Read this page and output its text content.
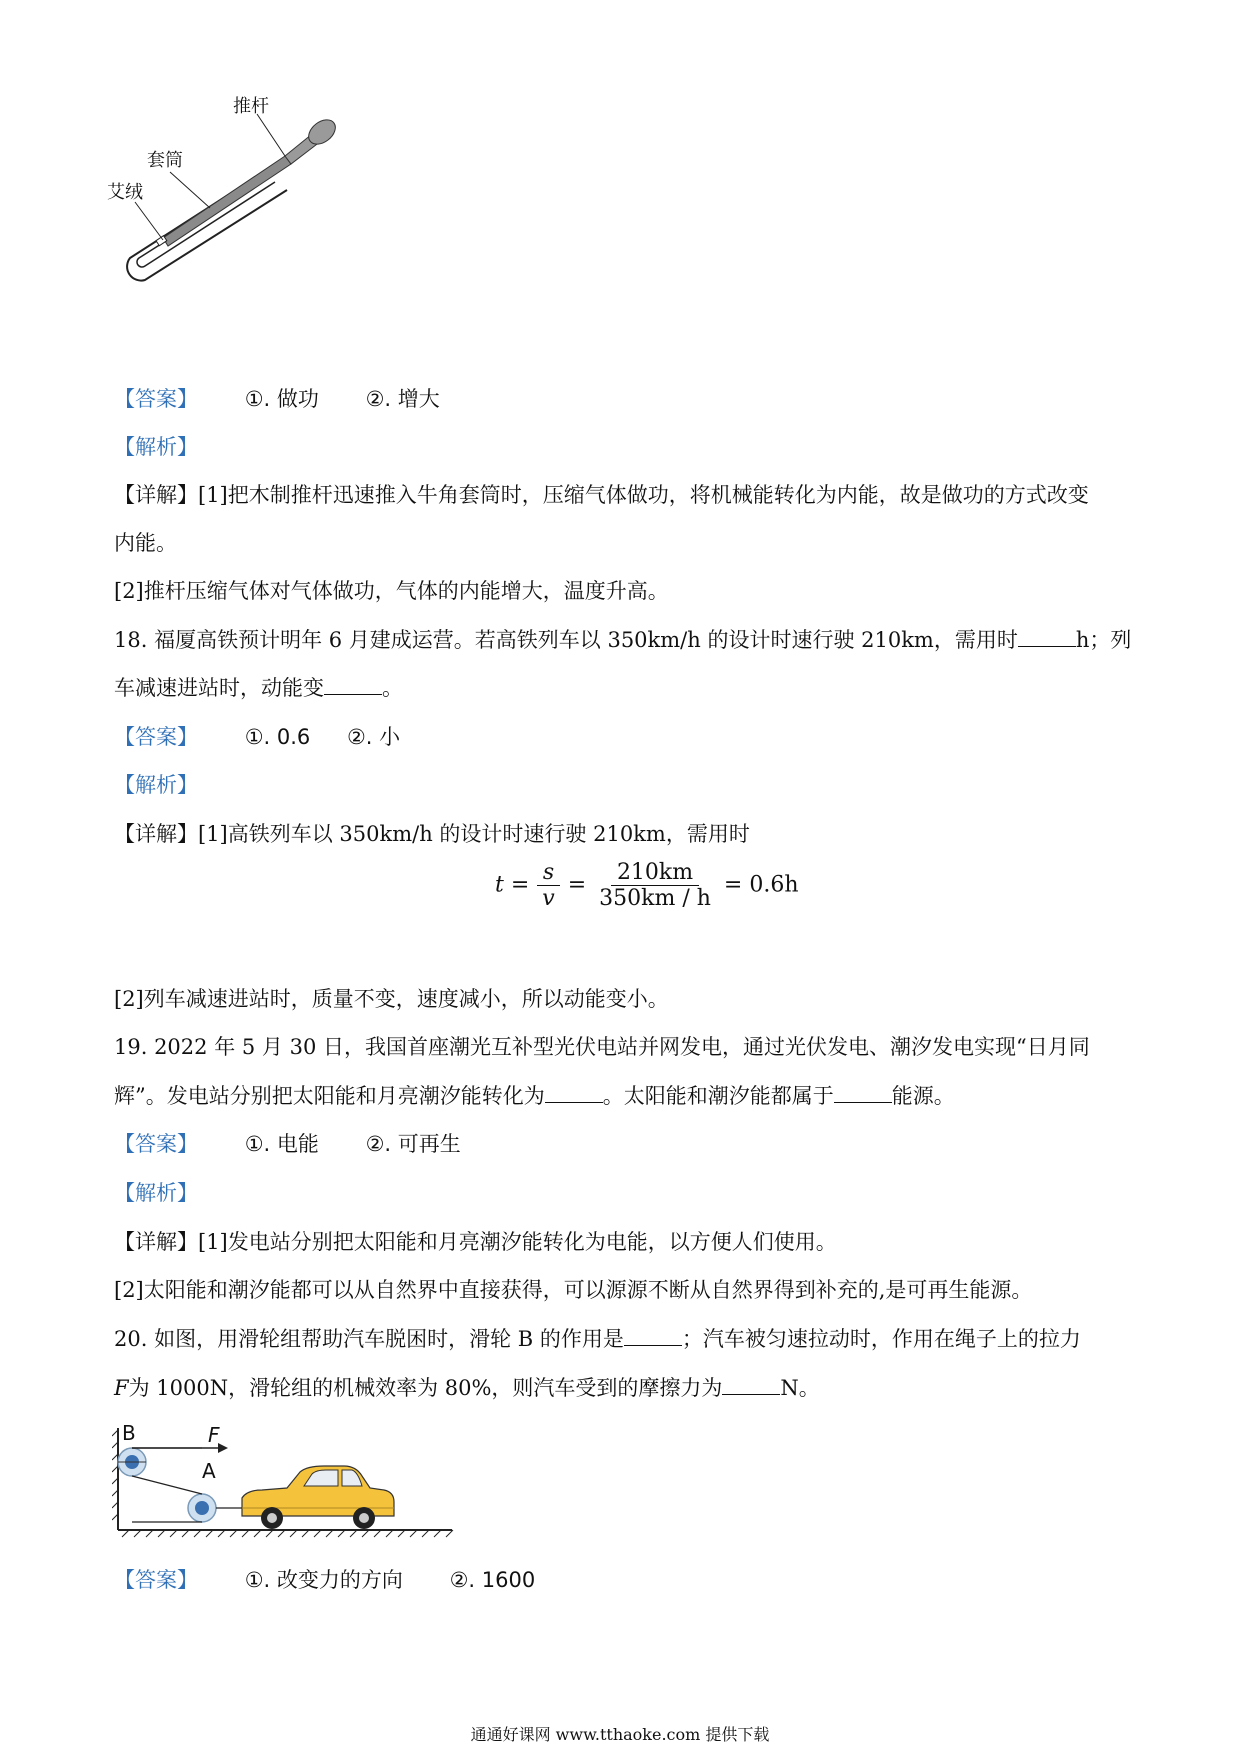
推杆
套筒
艾绒
【答案】 ①. 做功 ②. 增大
【解析】
【详解】[1]把木制推杆迅速推入牛角套筒时，压缩气体做功，将机械能转化为内能，故是做功的方式改变
内能。
[2]推杆压缩气体对气体做功，气体的内能增大，温度升高。
18. 福厦高铁预计明年 6 月建成运营。若高铁列车以 350km/h 的设计时速行驶 210km，需用时	h；列
车减速进站时，动能变	。
【答案】 ①. 0.6 ②. 小
【解析】
【详解】[1]高铁列车以 350km/h 的设计时速行驶 210km，需用时
$t = \frac{s}{v} = \frac{210km}{350km / h} = 0.6h$
[2]列车减速进站时，质量不变，速度减小，所以动能变小。
19. 2022 年 5 月 30 日，我国首座潮光互补型光伏电站并网发电，通过光伏发电、潮汐发电实现“日月同
辉”。发电站分别把太阳能和月亮潮汐能转化为	。太阳能和潮汐能都属于	能源。
【答案】 ①. 电能 ②. 可再生
【解析】
【详解】[1]发电站分别把太阳能和月亮潮汐能转化为电能，以方便人们使用。
[2]太阳能和潮汐能都可以从自然界中直接获得，可以源源不断从自然界得到补充的,是可再生能源。
20. 如图，用滑轮组帮助汽车脱困时，滑轮 B 的作用是	；汽车被匀速拉动时，作用在绳子上的拉力
F为 1000N，滑轮组的机械效率为 80%，则汽车受到的摩擦力为	N。
B	F
A
【答案】 ①. 改变力的方向 ②. 1600
通通好课网 www.tthaoke.com 提供下载
